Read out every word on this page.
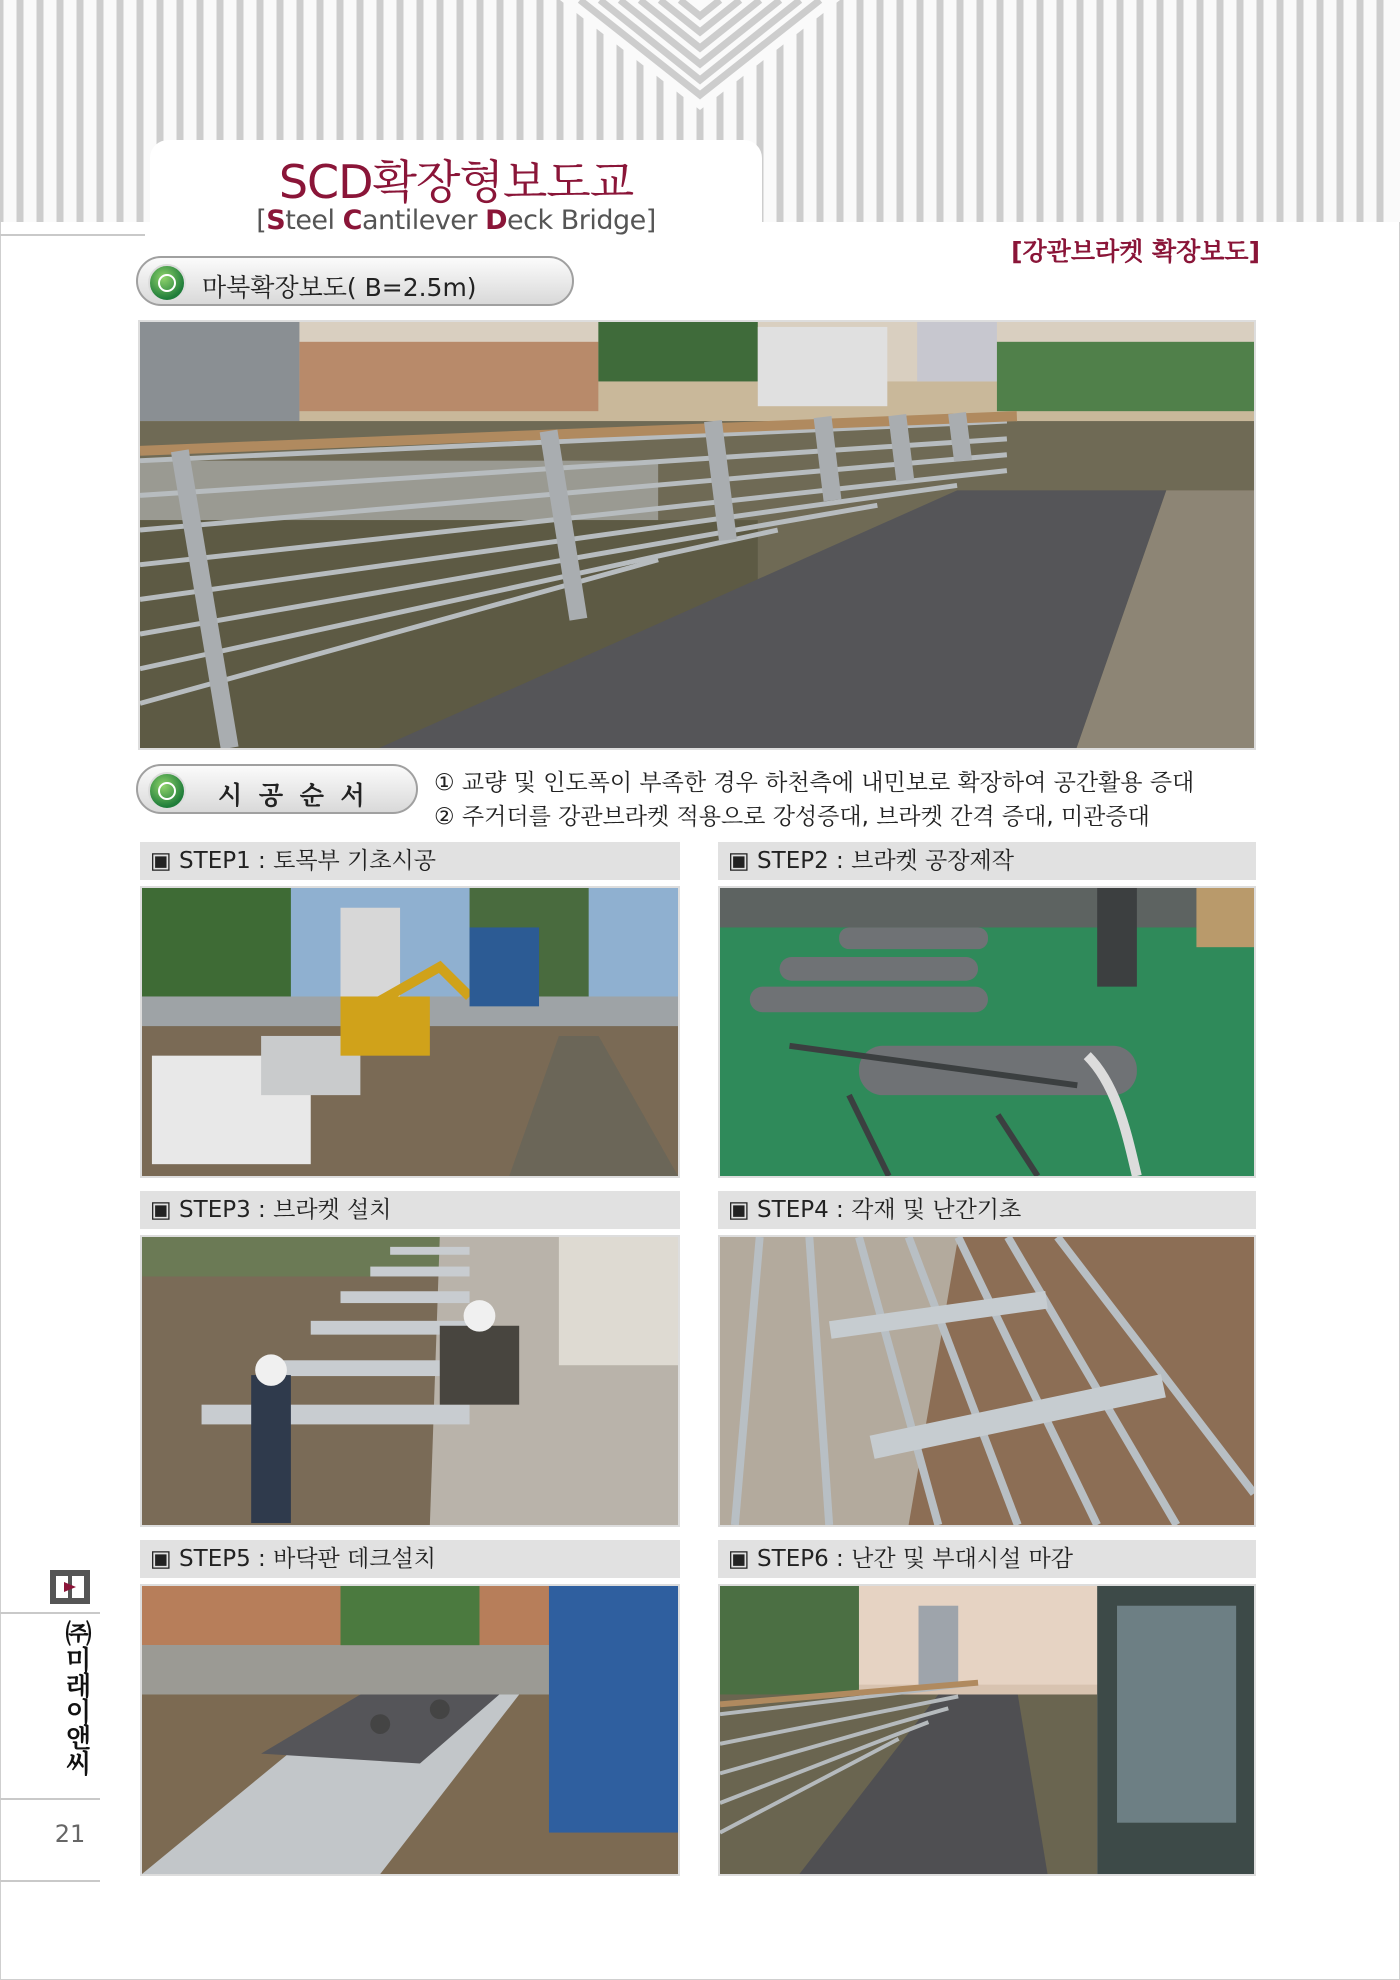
SCD확장형보도교
[Steel Cantilever Deck Bridge]
[강관브라켓 확장보도]
마북확장보도( B=2.5m)
시 공 순 서	① 교량 및 인도폭이 부족한 경우 하천측에 내민보로 확장하여 공간활용 증대
② 주거더를 강관브라켓 적용으로 강성증대, 브라켓 간격 증대, 미관증대
▣ STEP1 : 토목부 기초시공	▣ STEP2 : 브라켓 공장제작
▣ STEP3 : 브라켓 설치	▣ STEP4 : 각재 및 난간기초
▣ STEP5 : 바닥판 데크설치	▣ STEP6 : 난간 및 부대시설 마감
㈜미래이앤씨
21
